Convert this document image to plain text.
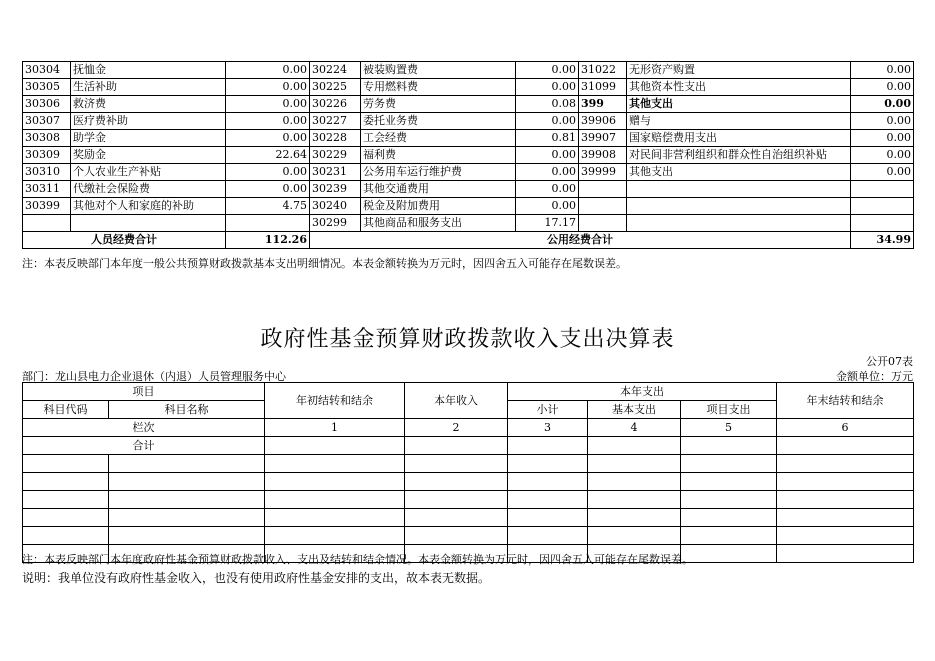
30304	抚恤金	0.00	30224	被装购置费	0.00	31022	无形资产购置	0.00
30305	生活补助	0.00	30225	专用燃料费	0.00	31099	其他资本性支出	0.00
30306	救济费	0.00	30226	劳务费	0.08	399	其他支出	0.00
30307	医疗费补助	0.00	30227	委托业务费	0.00	39906	赠与	0.00
30308	助学金	0.00	30228	工会经费	0.81	39907	国家赔偿费用支出	0.00
30309	奖励金	22.64	30229	福利费	0.00	39908	对民间非营利组织和群众性自治组织补贴	0.00
30310	个人农业生产补贴	0.00	30231	公务用车运行维护费	0.00	39999	其他支出	0.00
30311	代缴社会保险费	0.00	30239	其他交通费用	0.00			
30399	其他对个人和家庭的补助	4.75	30240	税金及附加费用	0.00			
			30299	其他商品和服务支出	17.17			
人员经费合计		112.26	公用经费合计					34.99
注：本表反映部门本年度一般公共预算财政拨款基本支出明细情况。本表金额转换为万元时，因四舍五入可能存在尾数误差。
政府性基金预算财政拨款收入支出决算表
公开07表
部门：龙山县电力企业退休（内退）人员管理服务中心	金额单位：万元
项目		年初结转和结余	本年收入	本年支出			年末结转和结余
科目代码	科目名称			小计	基本支出	项目支出	
栏次		1	2	3	4	5	6
合计							

注：本表反映部门本年度政府性基金预算财政拨款收入、支出及结转和结余情况。本表金额转换为万元时，因四舍五入可能存在尾数误差。
说明：我单位没有政府性基金收入，也没有使用政府性基金安排的支出，故本表无数据。
